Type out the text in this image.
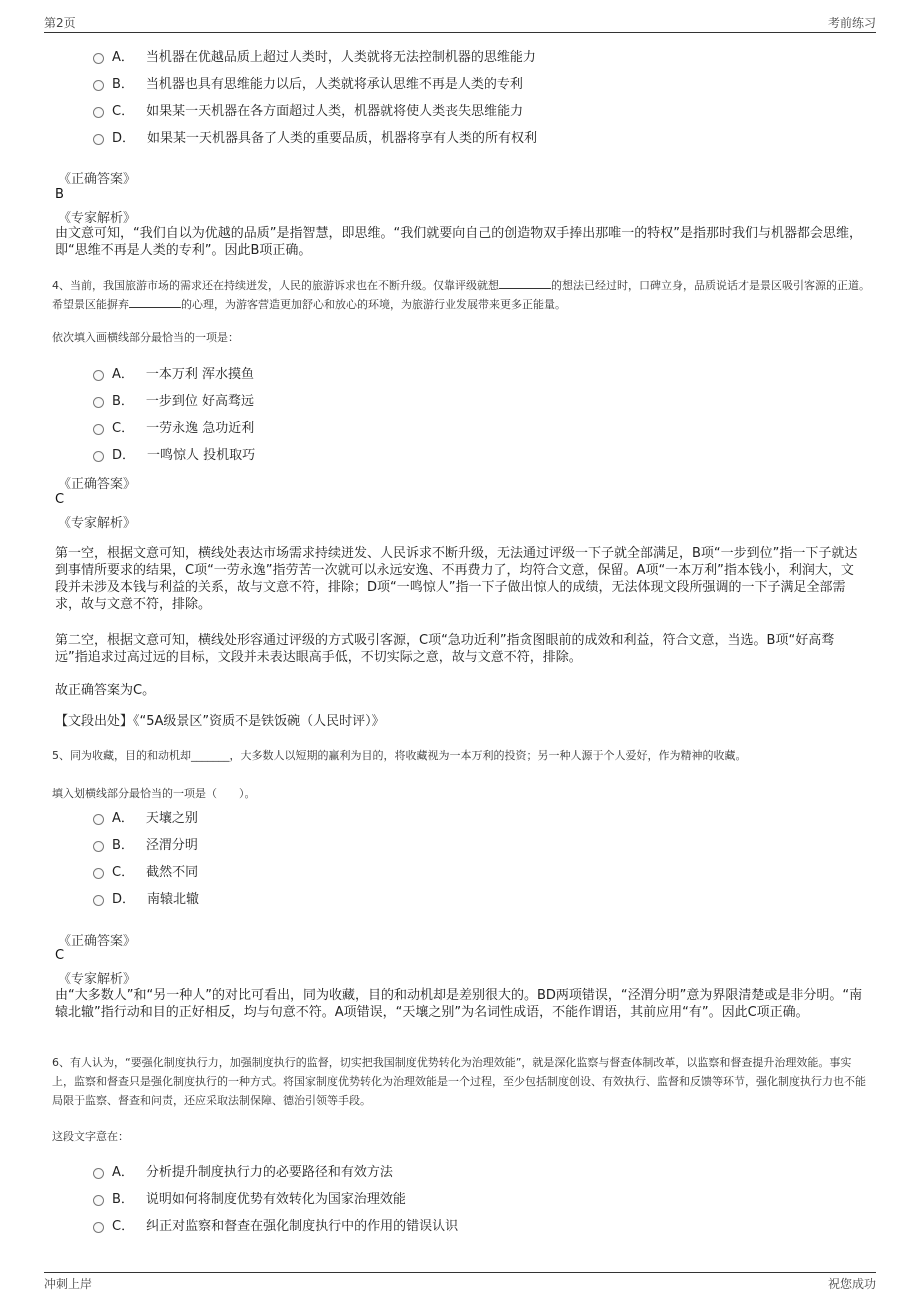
第2页	考前练习
A． 当机器在优越品质上超过人类时，人类就将无法控制机器的思维能力
B． 当机器也具有思维能力以后，人类就将承认思维不再是人类的专利
C． 如果某一天机器在各方面超过人类，机器就将使人类丧失思维能力
D． 如果某一天机器具备了人类的重要品质，机器将享有人类的所有权利
《正确答案》
B
《专家解析》
由文意可知，“我们自以为优越的品质”是指智慧，即思维。“我们就要向自己的创造物双手捧出那唯一的特权”是指那时我们与机器都会思维，即“思维不再是人类的专利”。因此B项正确。
4、当前，我国旅游市场的需求还在持续迸发，人民的旅游诉求也在不断升级。仅靠评级就想	的想法已经过时，口碑立身，品质说话才是景区吸引客源的正道。希望景区能摒弃	的心理，为游客营造更加舒心和放心的环境，为旅游行业发展带来更多正能量。
依次填入画横线部分最恰当的一项是：
A． 一本万利 浑水摸鱼
B． 一步到位 好高骛远
C． 一劳永逸 急功近利
D． 一鸣惊人 投机取巧
《正确答案》
C
《专家解析》
第一空，根据文意可知，横线处表达市场需求持续迸发、人民诉求不断升级，无法通过评级一下子就全部满足，B项“一步到位”指一下子就达到事情所要求的结果，C项“一劳永逸”指劳苦一次就可以永远安逸、不再费力了，均符合文意，保留。A项“一本万利”指本钱小，利润大，文段并未涉及本钱与利益的关系，故与文意不符，排除；D项“一鸣惊人”指一下子做出惊人的成绩，无法体现文段所强调的一下子满足全部需求，故与文意不符，排除。
第二空，根据文意可知，横线处形容通过评级的方式吸引客源，C项“急功近利”指贪图眼前的成效和利益，符合文意，当选。B项“好高骛远”指追求过高过远的目标，文段并未表达眼高手低，不切实际之意，故与文意不符，排除。
故正确答案为C。
【文段出处】《“5A级景区”资质不是铁饭碗（人民时评）》
5、同为收藏，目的和动机却_______，大多数人以短期的赢利为目的，将收藏视为一本万利的投资；另一种人源于个人爱好，作为精神的收藏。
填入划横线部分最恰当的一项是（　　）。
A． 天壤之别
B． 泾渭分明
C． 截然不同
D． 南辕北辙
《正确答案》
C
《专家解析》
由“大多数人”和“另一种人”的对比可看出，同为收藏，目的和动机却是差别很大的。BD两项错误，“泾渭分明”意为界限清楚或是非分明。“南辕北辙”指行动和目的正好相反，均与句意不符。A项错误，“天壤之别”为名词性成语，不能作谓语，其前应用“有”。因此C项正确。
6、有人认为，“要强化制度执行力，加强制度执行的监督，切实把我国制度优势转化为治理效能”，就是深化监察与督查体制改革，以监察和督查提升治理效能。事实上，监察和督查只是强化制度执行的一种方式。将国家制度优势转化为治理效能是一个过程，至少包括制度创设、有效执行、监督和反馈等环节，强化制度执行力也不能局限于监察、督查和问责，还应采取法制保障、德治引领等手段。
这段文字意在：
A． 分析提升制度执行力的必要路径和有效方法
B． 说明如何将制度优势有效转化为国家治理效能
C． 纠正对监察和督查在强化制度执行中的作用的错误认识
冲刺上岸	祝您成功
